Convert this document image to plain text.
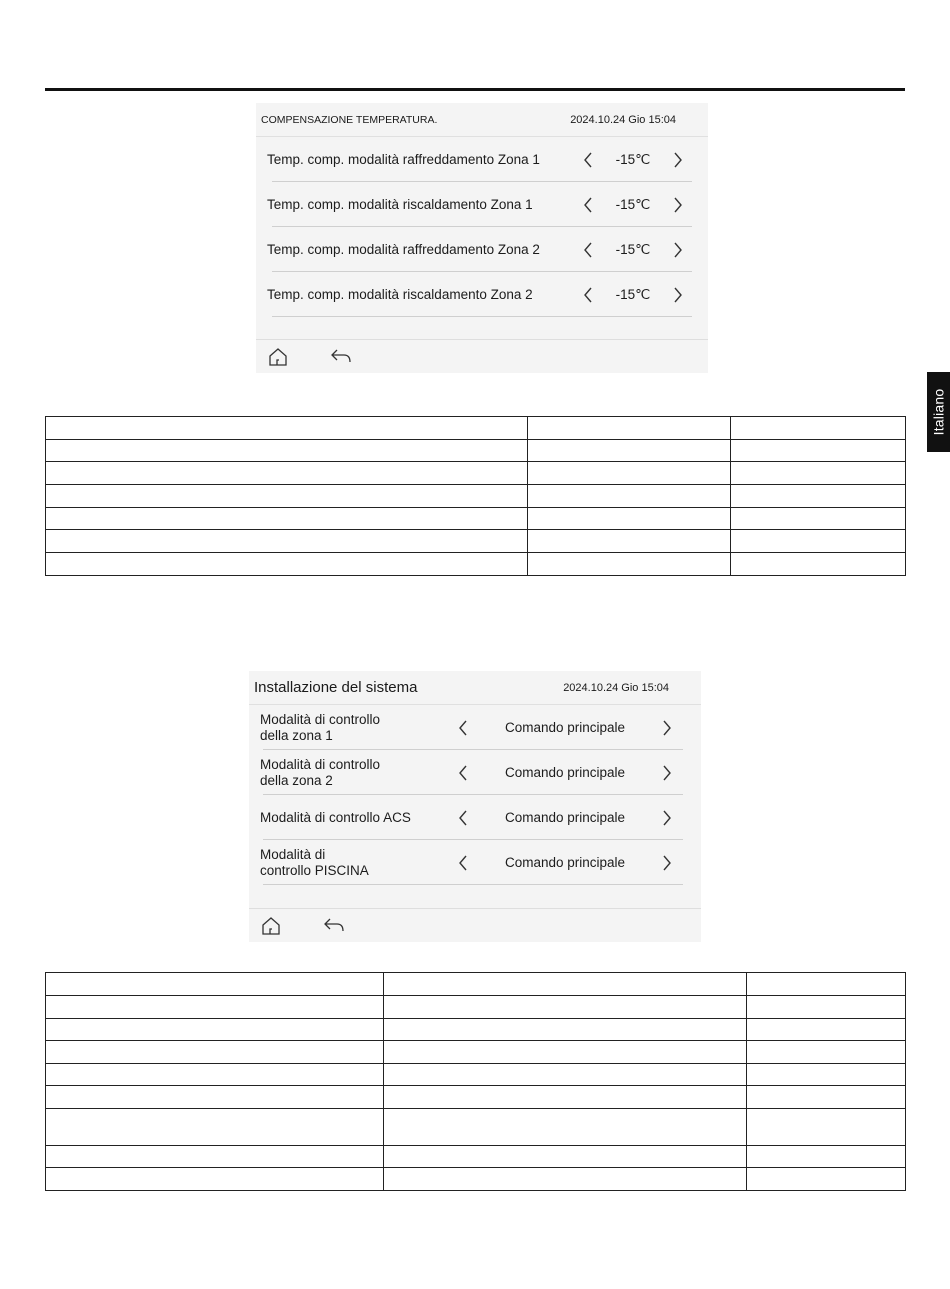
Italiano
COMPENSAZIONE TEMPERATURA.	2024.10.24 Gio 15:04
Temp. comp. modalità raffreddamento Zona 1	-15℃
Temp. comp. modalità riscaldamento Zona 1	-15℃
Temp. comp. modalità raffreddamento Zona 2	-15℃
Temp. comp. modalità riscaldamento Zona 2	-15℃

Installazione del sistema	2024.10.24 Gio 15:04
Modalità di controllo
della zona 1	Comando principale
Modalità di controllo
della zona 2	Comando principale
Modalità di controllo ACS	Comando principale
Modalità di
controllo PISCINA	Comando principale
